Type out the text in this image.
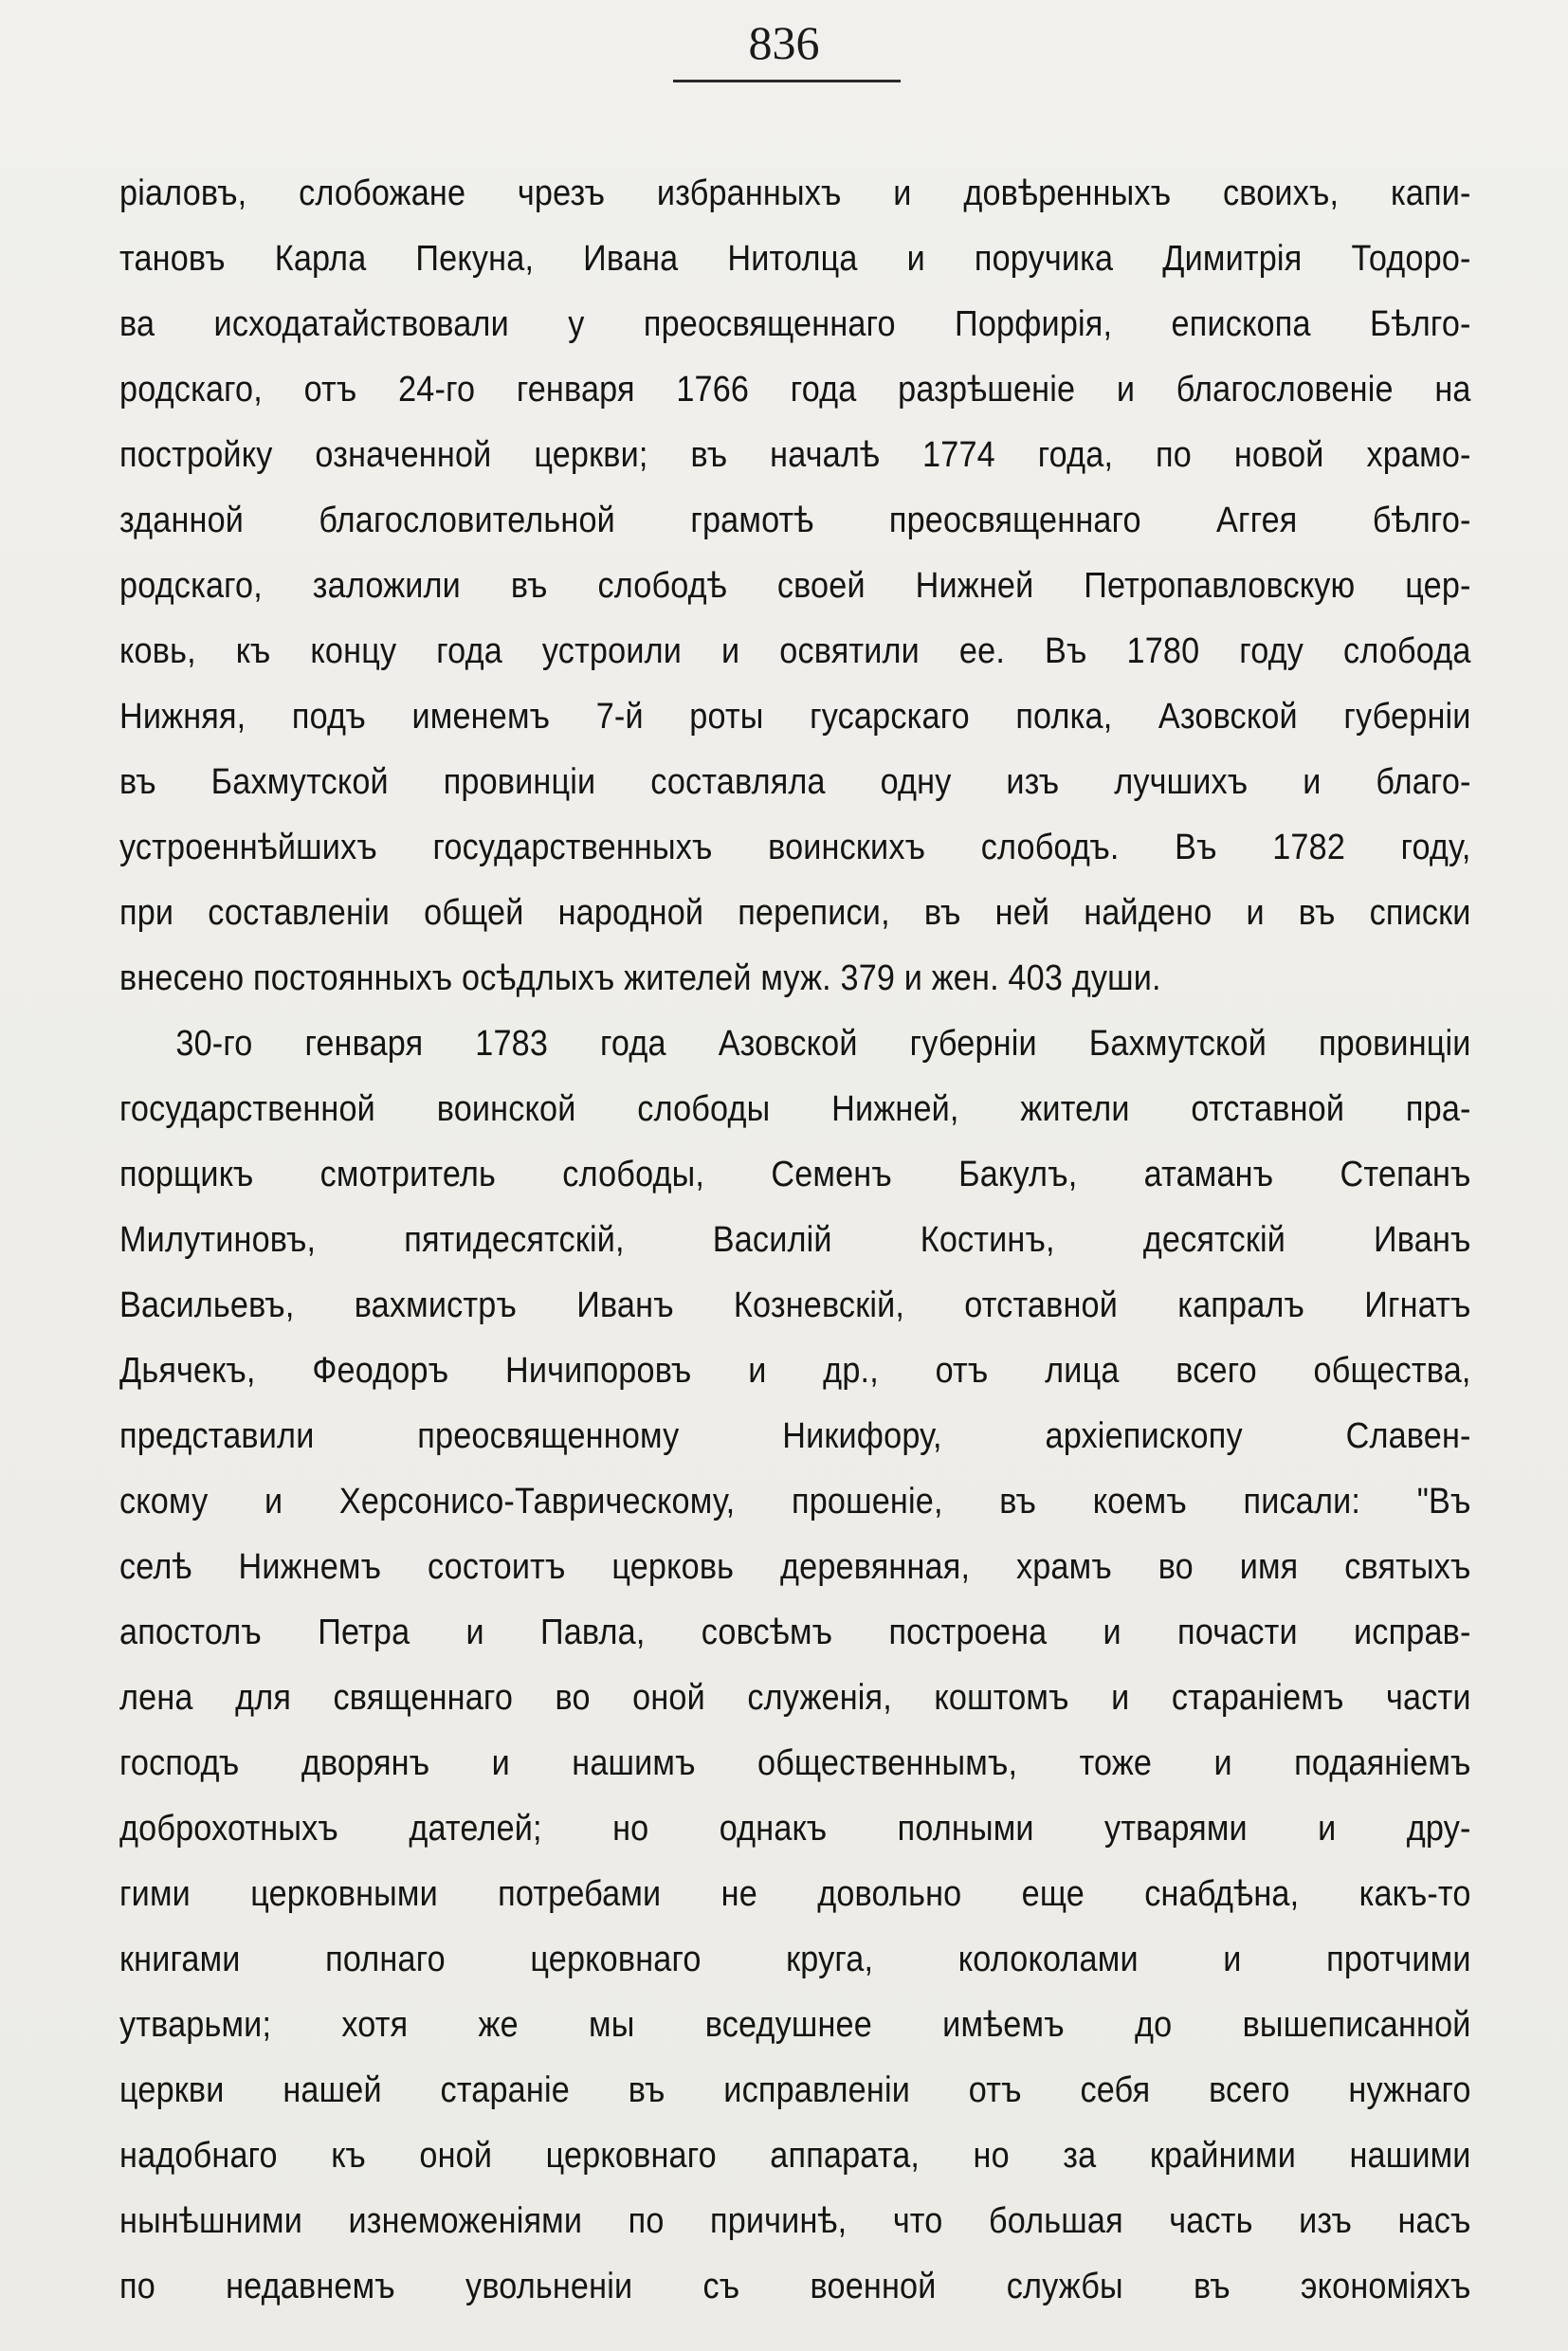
836
ріаловъ, слобожане чрезъ избранныхъ и довѣренныхъ своихъ, капи-
тановъ Карла Пекуна, Ивана Нитолца и поручика Димитрія Тодоро-
ва исходатайствовали у преосвященнаго Порфирія, епископа Бѣлго-
родскаго, отъ 24-го генваря 1766 года разрѣшеніе и благословеніе на
постройку означенной церкви; въ началѣ 1774 года, по новой храмо-
зданной благословительной грамотѣ преосвященнаго Аггея бѣлго-
родскаго, заложили въ слободѣ своей Нижней Петропавловскую цер-
ковь, къ концу года устроили и освятили ее. Въ 1780 году слобода
Нижняя, подъ именемъ 7-й роты гусарскаго полка, Азовской губерніи
въ Бахмутской провинціи составляла одну изъ лучшихъ и благо-
устроеннѣйшихъ государственныхъ воинскихъ слободъ. Въ 1782 году,
при составленіи общей народной переписи, въ ней найдено и въ списки
внесено постоянныхъ осѣдлыхъ жителей муж. 379 и жен. 403 души.
30-го генваря 1783 года Азовской губерніи Бахмутской провинціи
государственной воинской слободы Нижней, жители отставной пра-
порщикъ смотритель слободы, Семенъ Бакулъ, атаманъ Степанъ
Милутиновъ, пятидесятскій, Василій Костинъ, десятскій Иванъ
Васильевъ, вахмистръ Иванъ Козневскій, отставной капралъ Игнатъ
Дьячекъ, Феодоръ Ничипоровъ и др., отъ лица всего общества,
представили преосвященному Никифору, архіепископу Славен-
скому и Херсонисо-Таврическому, прошеніе, въ коемъ писали: "Въ
селѣ Нижнемъ состоитъ церковь деревянная, храмъ во имя святыхъ
апостолъ Петра и Павла, совсѣмъ построена и почасти исправ-
лена для священнаго во оной служенія, коштомъ и стараніемъ части
господъ дворянъ и нашимъ общественнымъ, тоже и подаяніемъ
доброхотныхъ дателей; но однакъ полными утварями и дру-
гими церковными потребами не довольно еще снабдѣна, какъ-то
книгами полнаго церковнаго круга, колоколами и протчими
утварьми; хотя же мы вседушнее имѣемъ до вышеписанной
церкви нашей стараніе въ исправленіи отъ себя всего нужнаго
надобнаго къ оной церковнаго аппарата, но за крайними нашими
нынѣшними изнеможеніями по причинѣ, что большая часть изъ насъ
по недавнемъ увольненіи съ военной службы въ экономіяхъ
